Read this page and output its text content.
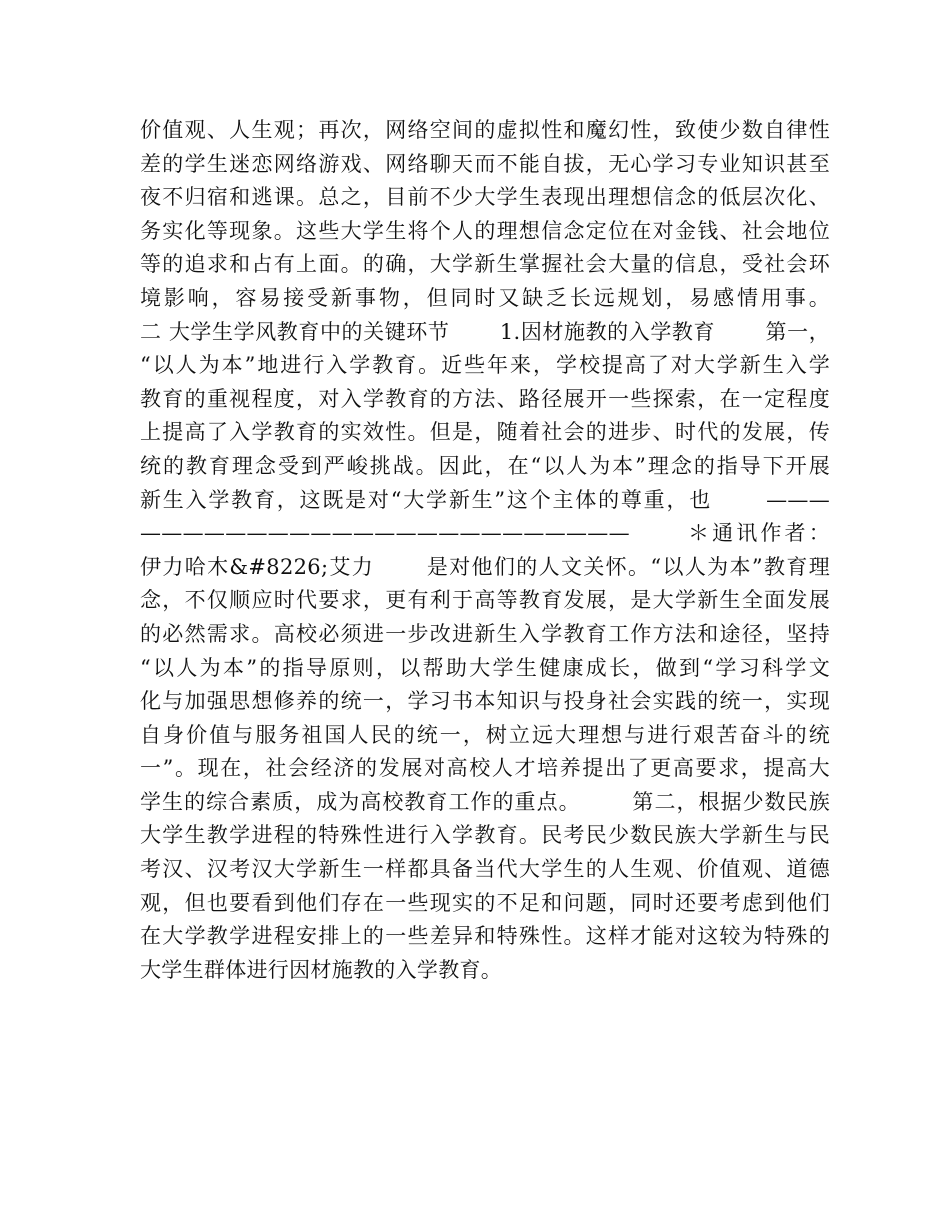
价值观、人生观；再次，网络空间的虚拟性和魔幻性，致使少数自律性
差的学生迷恋网络游戏、网络聊天而不能自拔，无心学习专业知识甚至
夜不归宿和逃课。总之，目前不少大学生表现出理想信念的低层次化、
务实化等现象。这些大学生将个人的理想信念定位在对金钱、社会地位
等的追求和占有上面。的确，大学新生掌握社会大量的信息，受社会环
境影响，容易接受新事物，但同时又缺乏长远规划，易感情用事。
二 大学生学风教育中的关键环节 　　1.因材施教的入学教育 　　第一，
“以人为本”地进行入学教育。近些年来，学校提高了对大学新生入学
教育的重视程度，对入学教育的方法、路径展开一些探索，在一定程度
上提高了入学教育的实效性。但是，随着社会的进步、时代的发展，传
统的教育理念受到严峻挑战。因此，在“以人为本”理念的指导下开展
新生入学教育，这既是对“大学新生”这个主体的尊重，也 　　———
——————————————————————— 　　＊通讯作者：
伊力哈木&#8226;艾力 　　是对他们的人文关怀。“以人为本”教育理
念，不仅顺应时代要求，更有利于高等教育发展，是大学新生全面发展
的必然需求。高校必须进一步改进新生入学教育工作方法和途径，坚持
“以人为本”的指导原则，以帮助大学生健康成长，做到“学习科学文
化与加强思想修养的统一，学习书本知识与投身社会实践的统一，实现
自身价值与服务祖国人民的统一，树立远大理想与进行艰苦奋斗的统
一”。现在，社会经济的发展对高校人才培养提出了更高要求，提高大
学生的综合素质，成为高校教育工作的重点。 　　第二，根据少数民族
大学生教学进程的特殊性进行入学教育。民考民少数民族大学新生与民
考汉、汉考汉大学新生一样都具备当代大学生的人生观、价值观、道德
观，但也要看到他们存在一些现实的不足和问题，同时还要考虑到他们
在大学教学进程安排上的一些差异和特殊性。这样才能对这较为特殊的
大学生群体进行因材施教的入学教育。
